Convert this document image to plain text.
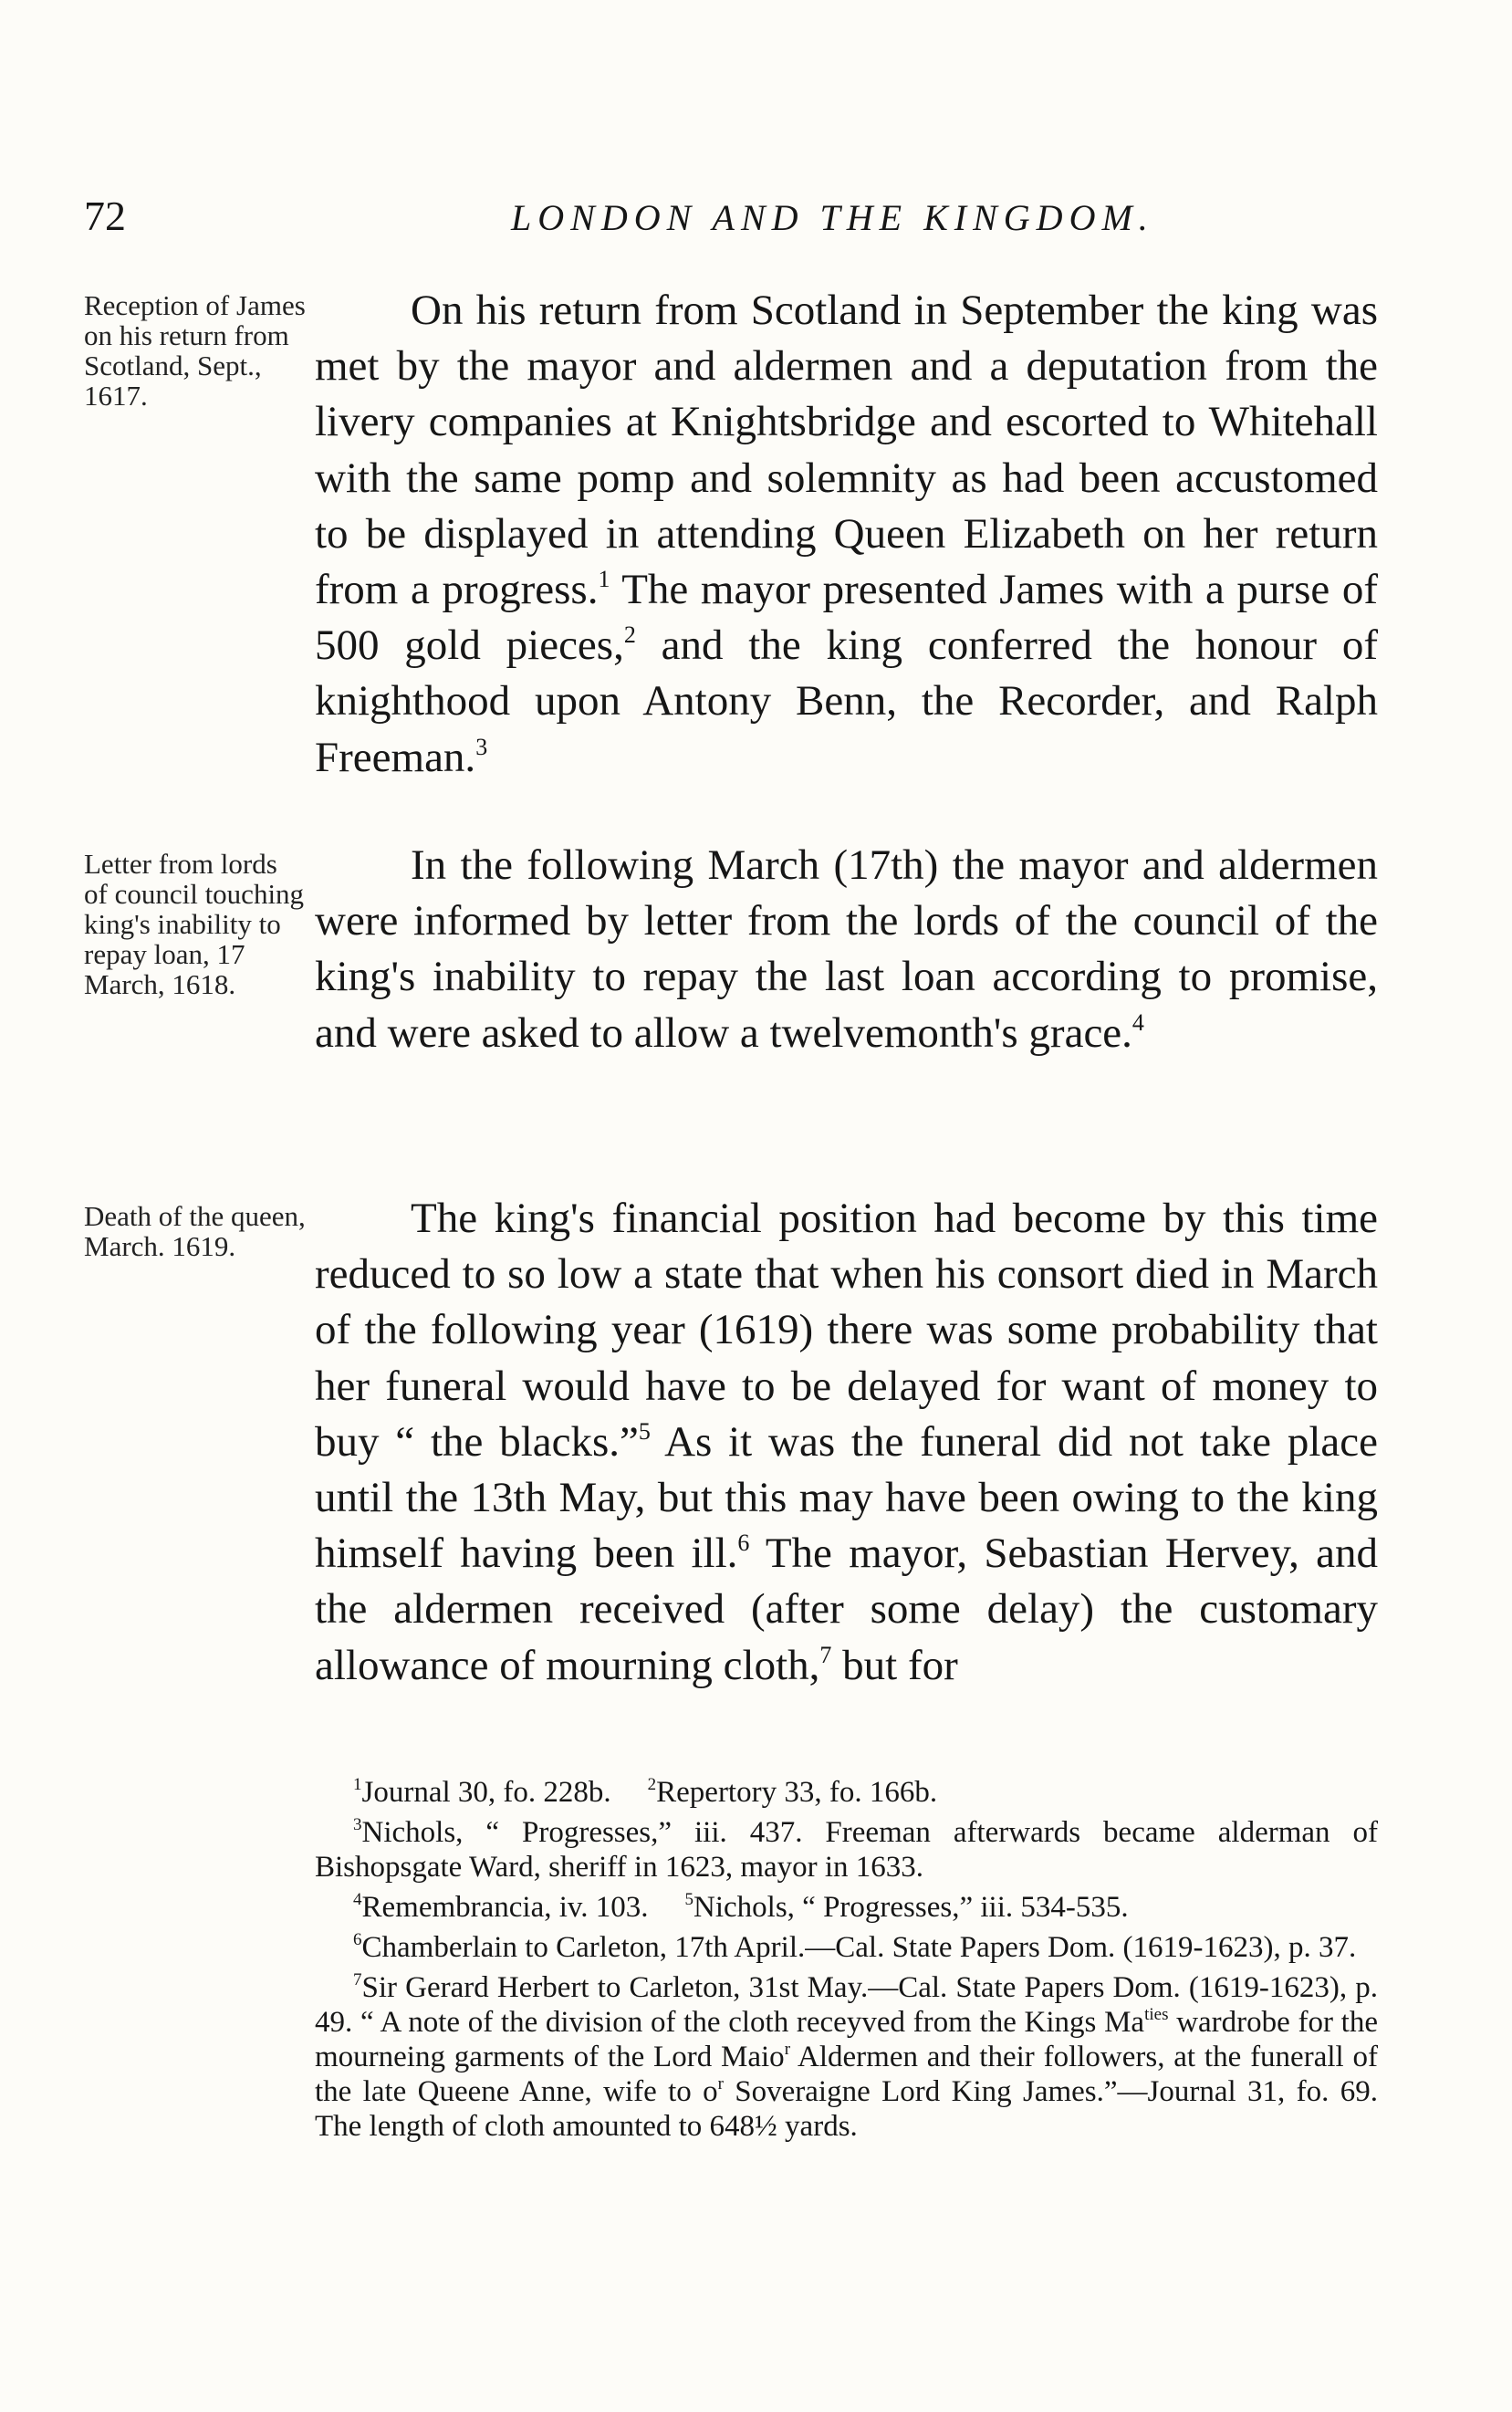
72	LONDON AND THE KINGDOM.
Reception of James on his return from Scotland, Sept., 1617.
Letter from lords of council touching king's inability to repay loan, 17 March, 1618.
Death of the queen, March. 1619.

On his return from Scotland in September the king was met by the mayor and aldermen and a deputation from the livery companies at Knightsbridge and escorted to Whitehall with the same pomp and solemnity as had been accustomed to be displayed in attending Queen Elizabeth on her return from a progress.$^1$ The mayor presented James with a purse of 500 gold pieces,$^2$ and the king conferred the honour of knighthood upon Antony Benn, the Recorder, and Ralph Freeman.$^3$

In the following March (17th) the mayor and aldermen were informed by letter from the lords of the council of the king's inability to repay the last loan according to promise, and were asked to allow a twelvemonth's grace.$^4$

The king's financial position had become by this time reduced to so low a state that when his consort died in March of the following year (1619) there was some probability that her funeral would have to be delayed for want of money to buy “ the blacks.”$^5$ As it was the funeral did not take place until the 13th May, but this may have been owing to the king himself having been ill.$^6$ The mayor, Sebastian Hervey, and the aldermen received (after some delay) the customary allowance of mourning cloth,$^7$ but for

$^1$Journal 30, fo. 228b. $^2$Repertory 33, fo. 166b.

$^3$Nichols, “ Progresses,” iii. 437. Freeman afterwards became alderman of Bishopsgate Ward, sheriff in 1623, mayor in 1633.

$^4$Remembrancia, iv. 103. $^5$Nichols, “ Progresses,” iii. 534-535.

$^6$Chamberlain to Carleton, 17th April.—Cal. State Papers Dom. (1619-1623), p. 37.

$^7$Sir Gerard Herbert to Carleton, 31st May.—Cal. State Papers Dom. (1619-1623), p. 49. “ A note of the division of the cloth receyved from the Kings $Ma^{ties}$ wardrobe for the mourneing garments of the Lord Maio$^r$ Aldermen and their followers, at the funerall of the late Queene Anne, wife to $o^r$ Soveraigne Lord King James.”—Journal 31, fo. 69. The length of cloth amounted to 648½ yards.
